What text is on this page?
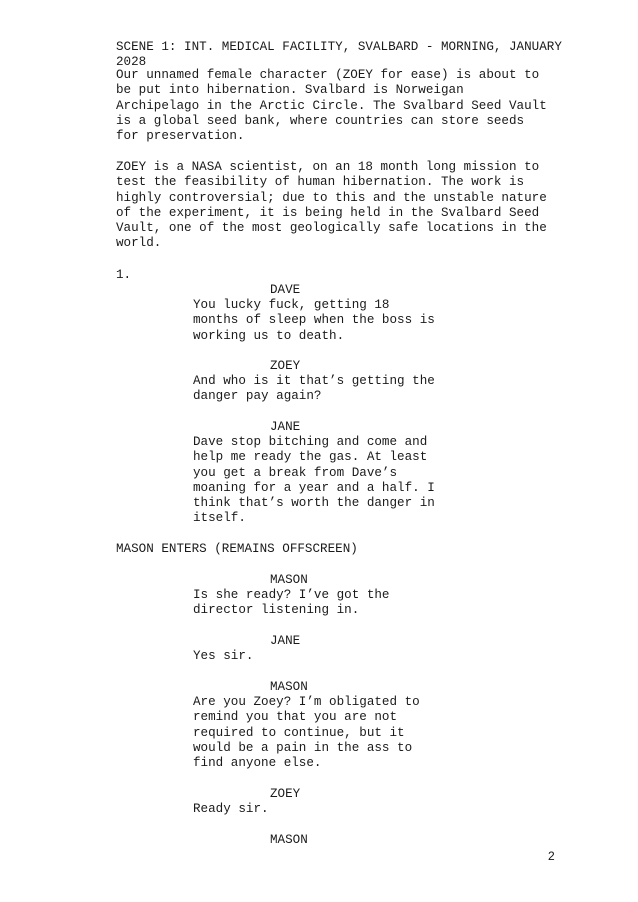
SCENE 1: INT. MEDICAL FACILITY, SVALBARD - MORNING, JANUARY
2028

Our unnamed female character (ZOEY for ease) is about to
be put into hibernation. Svalbard is Norweigan
Archipelago in the Arctic Circle. The Svalbard Seed Vault
is a global seed bank, where countries can store seeds
for preservation.

ZOEY is a NASA scientist, on an 18 month long mission to
test the feasibility of human hibernation. The work is
highly controversial; due to this and the unstable nature
of the experiment, it is being held in the Svalbard Seed
Vault, one of the most geologically safe locations in the
world.

1.

DAVE

You lucky fuck, getting 18
months of sleep when the boss is
working us to death.

ZOEY

And who is it that’s getting the
danger pay again?

JANE

Dave stop bitching and come and
help me ready the gas. At least
you get a break from Dave’s
moaning for a year and a half. I
think that’s worth the danger in
itself.

MASON ENTERS (REMAINS OFFSCREEN)

MASON

Is she ready? I’ve got the
director listening in.

JANE

Yes sir.

MASON

Are you Zoey? I’m obligated to
remind you that you are not
required to continue, but it
would be a pain in the ass to
find anyone else.

ZOEY

Ready sir.

MASON

2
